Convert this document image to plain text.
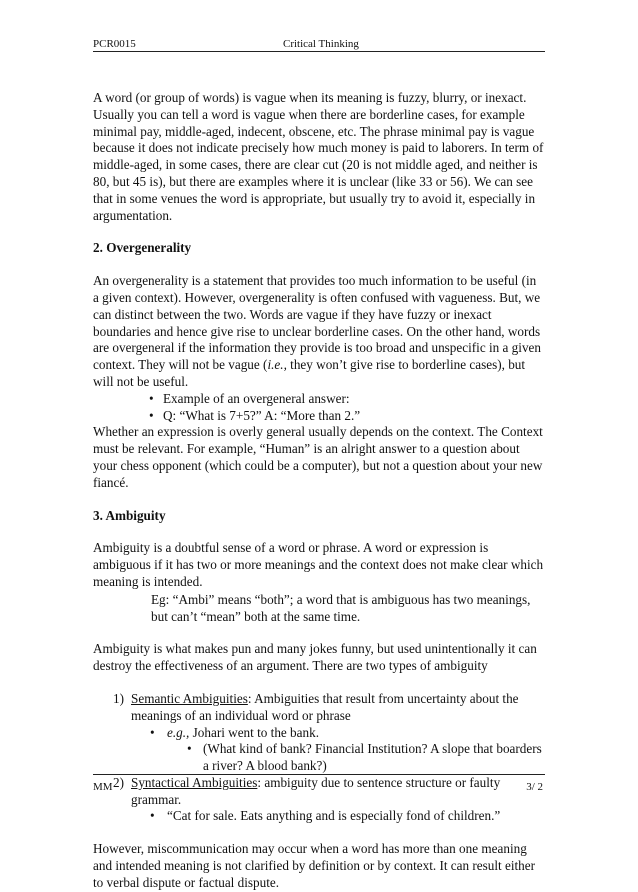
PCR0015	Critical Thinking

A word (or group of words) is vague when its meaning is fuzzy, blurry, or inexact. Usually you can tell a word is vague when there are borderline cases, for example minimal pay, middle-aged, indecent, obscene, etc. The phrase minimal pay is vague because it does not indicate precisely how much money is paid to laborers. In term of middle-aged, in some cases, there are clear cut (20 is not middle aged, and neither is 80, but 45 is), but there are examples where it is unclear (like 33 or 56). We can see that in some venues the word is appropriate, but usually try to avoid it, especially in argumentation.

2. Overgenerality

An overgenerality is a statement that provides too much information to be useful (in a given context). However, overgenerality is often confused with vagueness. But, we can distinct between the two. Words are vague if they have fuzzy or inexact boundaries and hence give rise to unclear borderline cases. On the other hand, words are overgeneral if the information they provide is too broad and unspecific in a given context. They will not be vague (i.e., they won’t give rise to borderline cases), but will not be useful.

• Example of an overgeneral answer:
• Q: “What is 7+5?” A: “More than 2.”

Whether an expression is overly general usually depends on the context. The Context must be relevant. For example, “Human” is an alright answer to a question about your chess opponent (which could be a computer), but not a question about your new fiancé.

3. Ambiguity

Ambiguity is a doubtful sense of a word or phrase. A word or expression is ambiguous if it has two or more meanings and the context does not make clear which meaning is intended.

Eg: “Ambi” means “both”; a word that is ambiguous has two meanings, but can’t “mean” both at the same time.

Ambiguity is what makes pun and many jokes funny, but used unintentionally it can destroy the effectiveness of an argument. There are two types of ambiguity

1) Semantic Ambiguities: Ambiguities that result from uncertainty about the meanings of an individual word or phrase
• e.g., Johari went to the bank.
• (What kind of bank? Financial Institution? A slope that boarders a river? A blood bank?)
2) Syntactical Ambiguities: ambiguity due to sentence structure or faulty grammar.
• “Cat for sale. Eats anything and is especially fond of children.”

However, miscommunication may occur when a word has more than one meaning and intended meaning is not clarified by definition or by context. It can result either to verbal dispute or factual dispute.

MM	3/ 2
